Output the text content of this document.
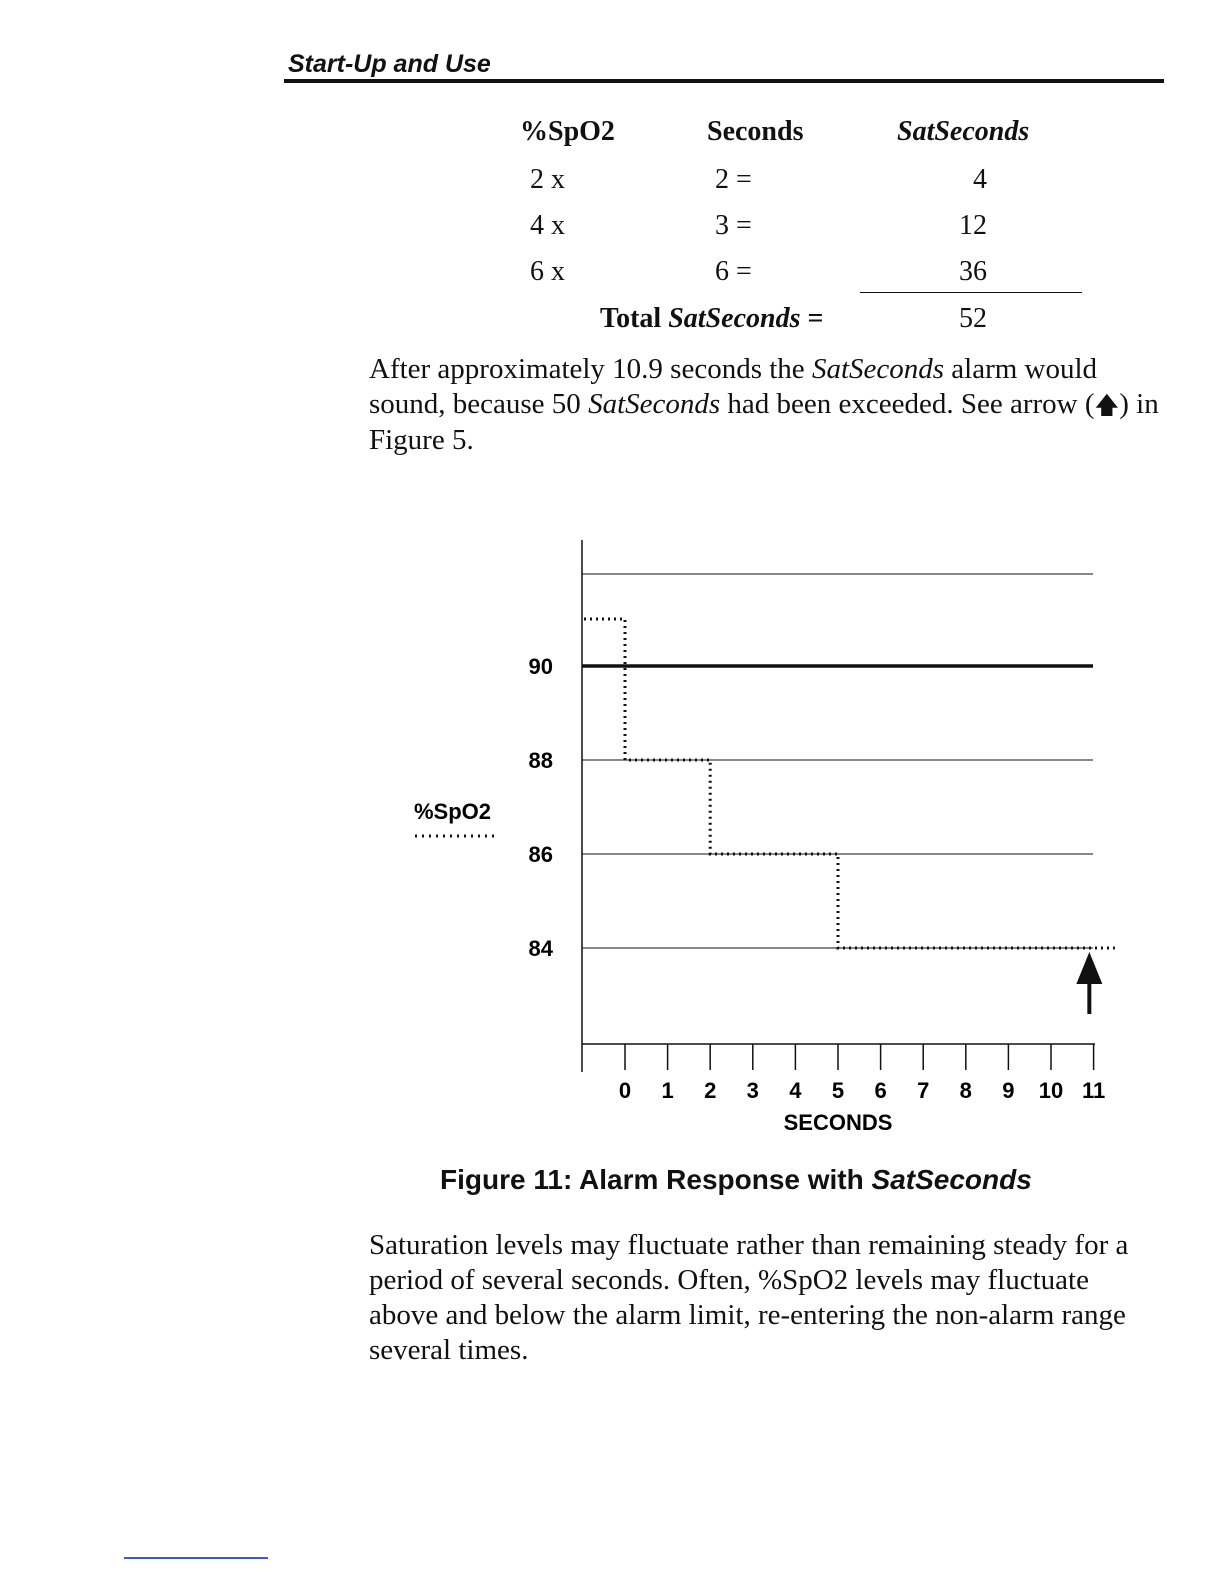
Start-Up and Use
%SpO2	Seconds	SatSeconds
2 x	2 =	4
4 x	3 =	12
6 x	6 =	36
Total SatSeconds =	52
After approximately 10.9 seconds the SatSeconds alarm would sound, because 50 SatSeconds had been exceeded. See arrow (🡅) in Figure 5.
90
88
86
84
0 1 2 3 4 5 6 7 8 9 10 11
%SpO2
SECONDS
Figure 11: Alarm Response with SatSeconds
Saturation levels may fluctuate rather than remaining steady for a period of several seconds. Often, %SpO2 levels may fluctuate above and below the alarm limit, re-entering the non-alarm range several times.
